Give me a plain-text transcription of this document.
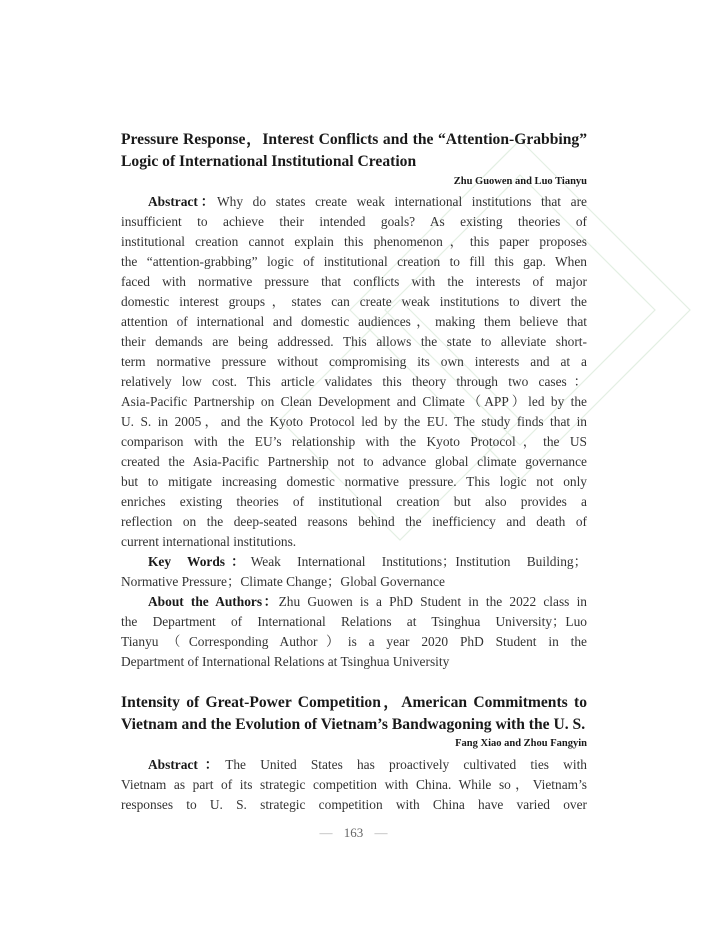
Pressure Response，Interest Conflicts and the “Attention-Grabbing”
Logic of International Institutional Creation
Zhu Guowen and Luo Tianyu
Abstract：Why do states create weak international institutions that are
insufficient to achieve their intended goals? As existing theories of
institutional creation cannot explain this phenomenon，this paper proposes
the “attention-grabbing” logic of institutional creation to fill this gap. When
faced with normative pressure that conflicts with the interests of major
domestic interest groups，states can create weak institutions to divert the
attention of international and domestic audiences，making them believe that
their demands are being addressed. This allows the state to alleviate short-
term normative pressure without compromising its own interests and at a
relatively low cost. This article validates this theory through two cases：
Asia-Pacific Partnership on Clean Development and Climate（APP）led by the
U. S. in 2005，and the Kyoto Protocol led by the EU. The study finds that in
comparison with the EU’s relationship with the Kyoto Protocol，the US
created the Asia-Pacific Partnership not to advance global climate governance
but to mitigate increasing domestic normative pressure. This logic not only
enriches existing theories of institutional creation but also provides a
reflection on the deep-seated reasons behind the inefficiency and death of
current international institutions.
Key Words：Weak International Institutions；Institution Building；
Normative Pressure；Climate Change；Global Governance
About the Authors：Zhu Guowen is a PhD Student in the 2022 class in
the Department of International Relations at Tsinghua University；Luo
Tianyu（Corresponding Author）is a year 2020 PhD Student in the
Department of International Relations at Tsinghua University
Intensity of Great-Power Competition，American Commitments to
Vietnam and the Evolution of Vietnam’s Bandwagoning with the U. S.
Fang Xiao and Zhou Fangyin
Abstract：The United States has proactively cultivated ties with
Vietnam as part of its strategic competition with China. While so，Vietnam’s
responses to U. S. strategic competition with China have varied over
— 163 —
